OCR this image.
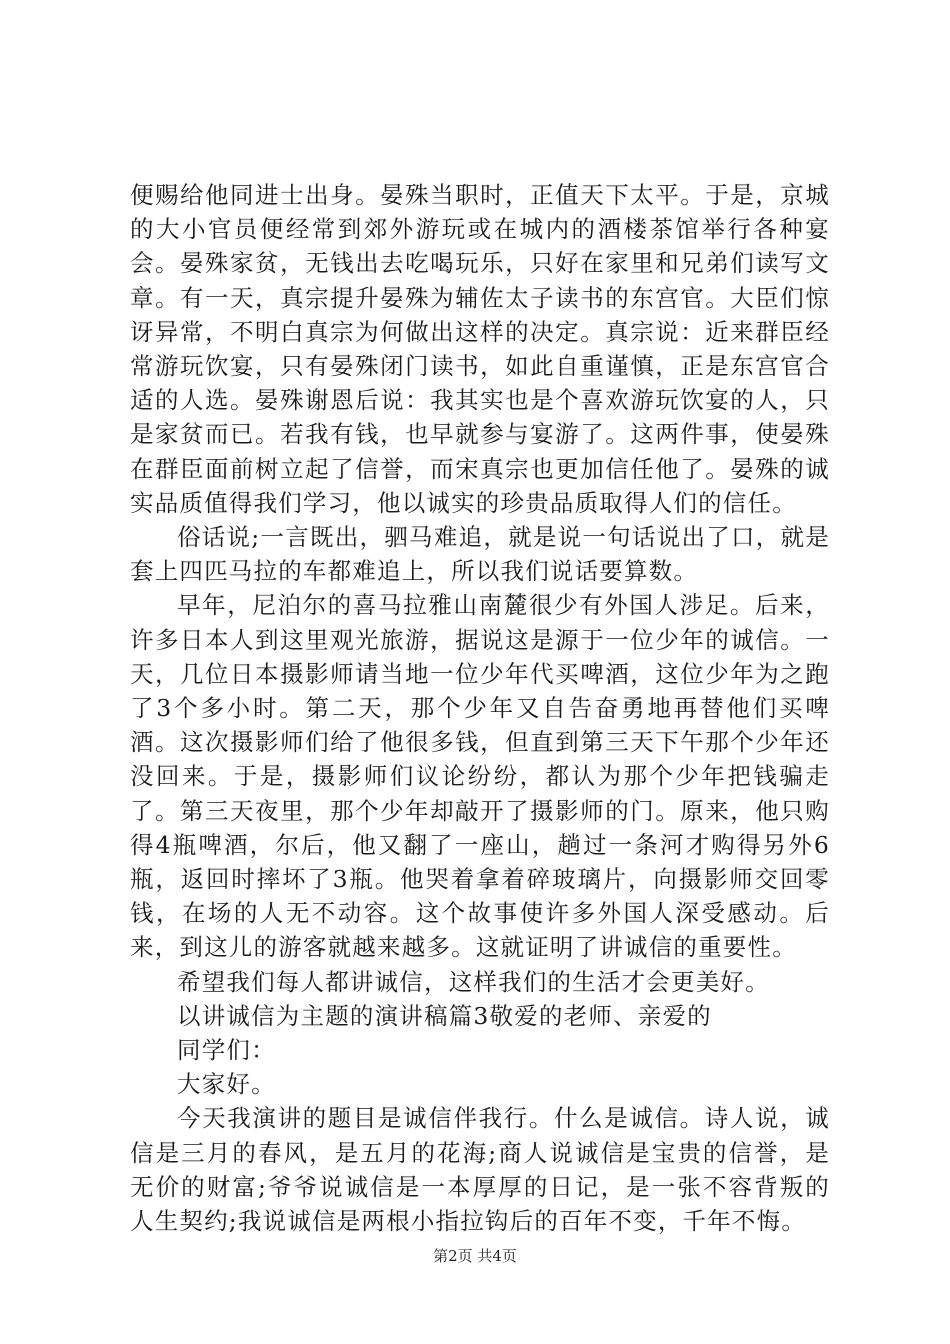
便赐给他同进士出身。晏殊当职时，正值天下太平。于是，京城的大小官员便经常到郊外游玩或在城内的酒楼茶馆举行各种宴会。晏殊家贫，无钱出去吃喝玩乐，只好在家里和兄弟们读写文章。有一天，真宗提升晏殊为辅佐太子读书的东宫官。大臣们惊讶异常，不明白真宗为何做出这样的决定。真宗说：近来群臣经常游玩饮宴，只有晏殊闭门读书，如此自重谨慎，正是东宫官合适的人选。晏殊谢恩后说：我其实也是个喜欢游玩饮宴的人，只是家贫而已。若我有钱，也早就参与宴游了。这两件事，使晏殊在群臣面前树立起了信誉，而宋真宗也更加信任他了。晏殊的诚实品质值得我们学习，他以诚实的珍贵品质取得人们的信任。

俗话说;一言既出，驷马难追，就是说一句话说出了口，就是套上四匹马拉的车都难追上，所以我们说话要算数。

早年，尼泊尔的喜马拉雅山南麓很少有外国人涉足。后来，许多日本人到这里观光旅游，据说这是源于一位少年的诚信。一天，几位日本摄影师请当地一位少年代买啤酒，这位少年为之跑了3个多小时。第二天，那个少年又自告奋勇地再替他们买啤酒。这次摄影师们给了他很多钱，但直到第三天下午那个少年还没回来。于是，摄影师们议论纷纷，都认为那个少年把钱骗走了。第三天夜里，那个少年却敲开了摄影师的门。原来，他只购得4瓶啤酒，尔后，他又翻了一座山，趟过一条河才购得另外6瓶，返回时摔坏了3瓶。他哭着拿着碎玻璃片，向摄影师交回零钱，在场的人无不动容。这个故事使许多外国人深受感动。后来，到这儿的游客就越来越多。这就证明了讲诚信的重要性。

希望我们每人都讲诚信，这样我们的生活才会更美好。

以讲诚信为主题的演讲稿篇3敬爱的老师、亲爱的

同学们：

大家好。

今天我演讲的题目是诚信伴我行。什么是诚信。诗人说，诚信是三月的春风，是五月的花海;商人说诚信是宝贵的信誉，是无价的财富;爷爷说诚信是一本厚厚的日记，是一张不容背叛的人生契约;我说诚信是两根小指拉钩后的百年不变，千年不悔。

第2页 共4页
